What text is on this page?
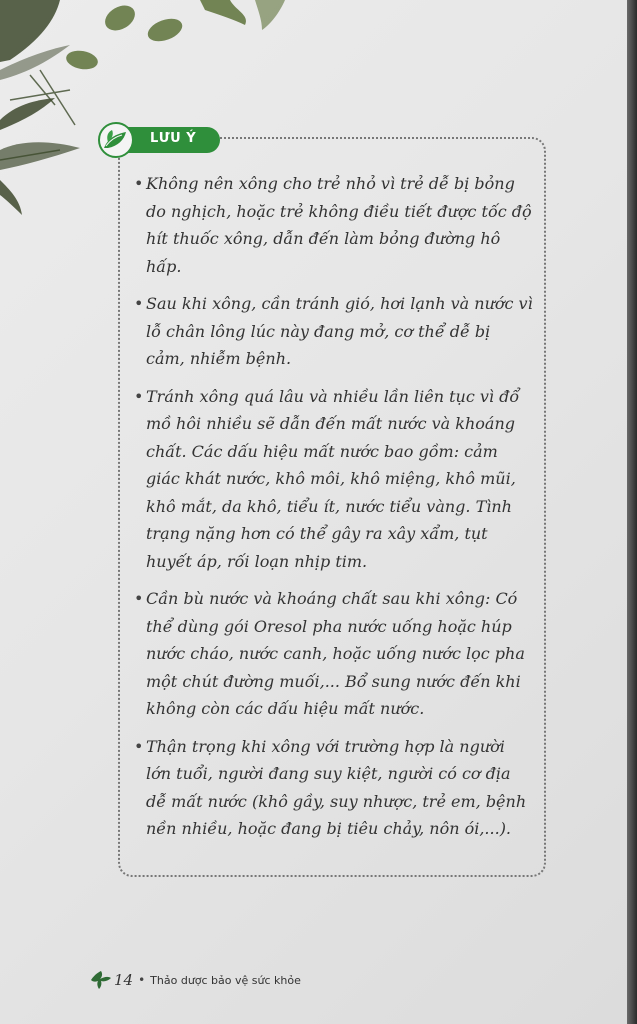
LƯU Ý
• Không nên xông cho trẻ nhỏ vì trẻ dễ bị bỏng do nghịch, hoặc trẻ không điều tiết được tốc độ hít thuốc xông, dẫn đến làm bỏng đường hô hấp.
• Sau khi xông, cần tránh gió, hơi lạnh và nước vì lỗ chân lông lúc này đang mở, cơ thể dễ bị cảm, nhiễm bệnh.
• Tránh xông quá lâu và nhiều lần liên tục vì đổ mồ hôi nhiều sẽ dẫn đến mất nước và khoáng chất. Các dấu hiệu mất nước bao gồm: cảm giác khát nước, khô môi, khô miệng, khô mũi, khô mắt, da khô, tiểu ít, nước tiểu vàng. Tình trạng nặng hơn có thể gây ra xây xẩm, tụt huyết áp, rối loạn nhịp tim.
• Cần bù nước và khoáng chất sau khi xông: Có thể dùng gói Oresol pha nước uống hoặc húp nước cháo, nước canh, hoặc uống nước lọc pha một chút đường muối,... Bổ sung nước đến khi không còn các dấu hiệu mất nước.
• Thận trọng khi xông với trường hợp là người lớn tuổi, người đang suy kiệt, người có cơ địa dễ mất nước (khô gầy, suy nhược, trẻ em, bệnh nền nhiều, hoặc đang bị tiêu chảy, nôn ói,...).
14 • Thảo dược bảo vệ sức khỏe
